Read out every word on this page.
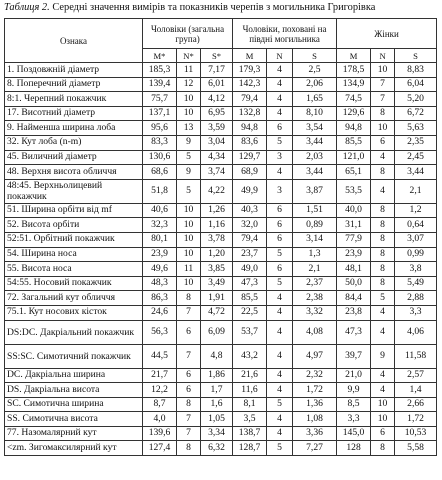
Таблиця 2. Середні значення вимірів та показників черепів з могильника Григорівка
Ознака	Чоловіки (загальна група)			Чоловіки, поховані на півдні могильника			Жінки		
	M*	N*	S*	M	N	S	M	N	S
1. Поздовжній діаметр	185,3	11	7,17	179,3	4	2,5	178,5	10	8,83
8. Поперечний діаметр	139,4	12	6,01	142,3	4	2,06	134,9	7	6,04
8:1. Черепний покажчик	75,7	10	4,12	79,4	4	1,65	74,5	7	5,20
17. Висотний діаметр	137,1	10	6,95	132,8	4	8,10	129,6	8	6,72
9. Найменша ширина лоба	95,6	13	3,59	94,8	6	3,54	94,8	10	5,63
32. Кут лоба (n-m)	83,3	9	3,04	83,6	5	3,44	85,5	6	2,35
45. Виличний діаметр	130,6	5	4,34	129,7	3	2,03	121,0	4	2,45
48. Верхня висота обличчя	68,6	9	3,74	68,9	4	3,44	65,1	8	3,44
48:45. Верхньолицевий покажчик	51,8	5	4,22	49,9	3	3,87	53,5	4	2,1
51. Ширина орбіти від mf	40,6	10	1,26	40,3	6	1,51	40,0	8	1,2
52. Висота орбіти	32,3	10	1,16	32,0	6	0,89	31,1	8	0,64
52:51. Орбітний покажчик	80,1	10	3,78	79,4	6	3,14	77,9	8	3,07
54. Ширина носа	23,9	10	1,20	23,7	5	1,3	23,9	8	0,99
55. Висота носа	49,6	11	3,85	49,0	6	2,1	48,1	8	3,8
54:55. Носовий покажчик	48,3	10	3,49	47,3	5	2,37	50,0	8	5,49
72. Загальний кут обличчя	86,3	8	1,91	85,5	4	2,38	84,4	5	2,88
75.1. Кут носових кісток	24,6	7	4,72	22,5	4	3,32	23,8	4	3,3
DS:DC. Дакріальний покажчик	56,3	6	6,09	53,7	4	4,08	47,3	4	4,06
SS:SC. Симотичний покажчик	44,5	7	4,8	43,2	4	4,97	39,7	9	11,58
DC. Дакріальна ширина	21,7	6	1,86	21,6	4	2,32	21,0	4	2,57
DS. Дакріальна висота	12,2	6	1,7	11,6	4	1,72	9,9	4	1,4
SC. Симотична ширина	8,7	8	1,6	8,1	5	1,36	8,5	10	2,66
SS. Симотична висота	4,0	7	1,05	3,5	4	1,08	3,3	10	1,72
77. Назомалярний кут	139,6	7	3,34	138,7	4	3,36	145,0	6	10,53
<zm. Зигомаксилярний кут	127,4	8	6,32	128,7	5	7,27	128	8	5,58
